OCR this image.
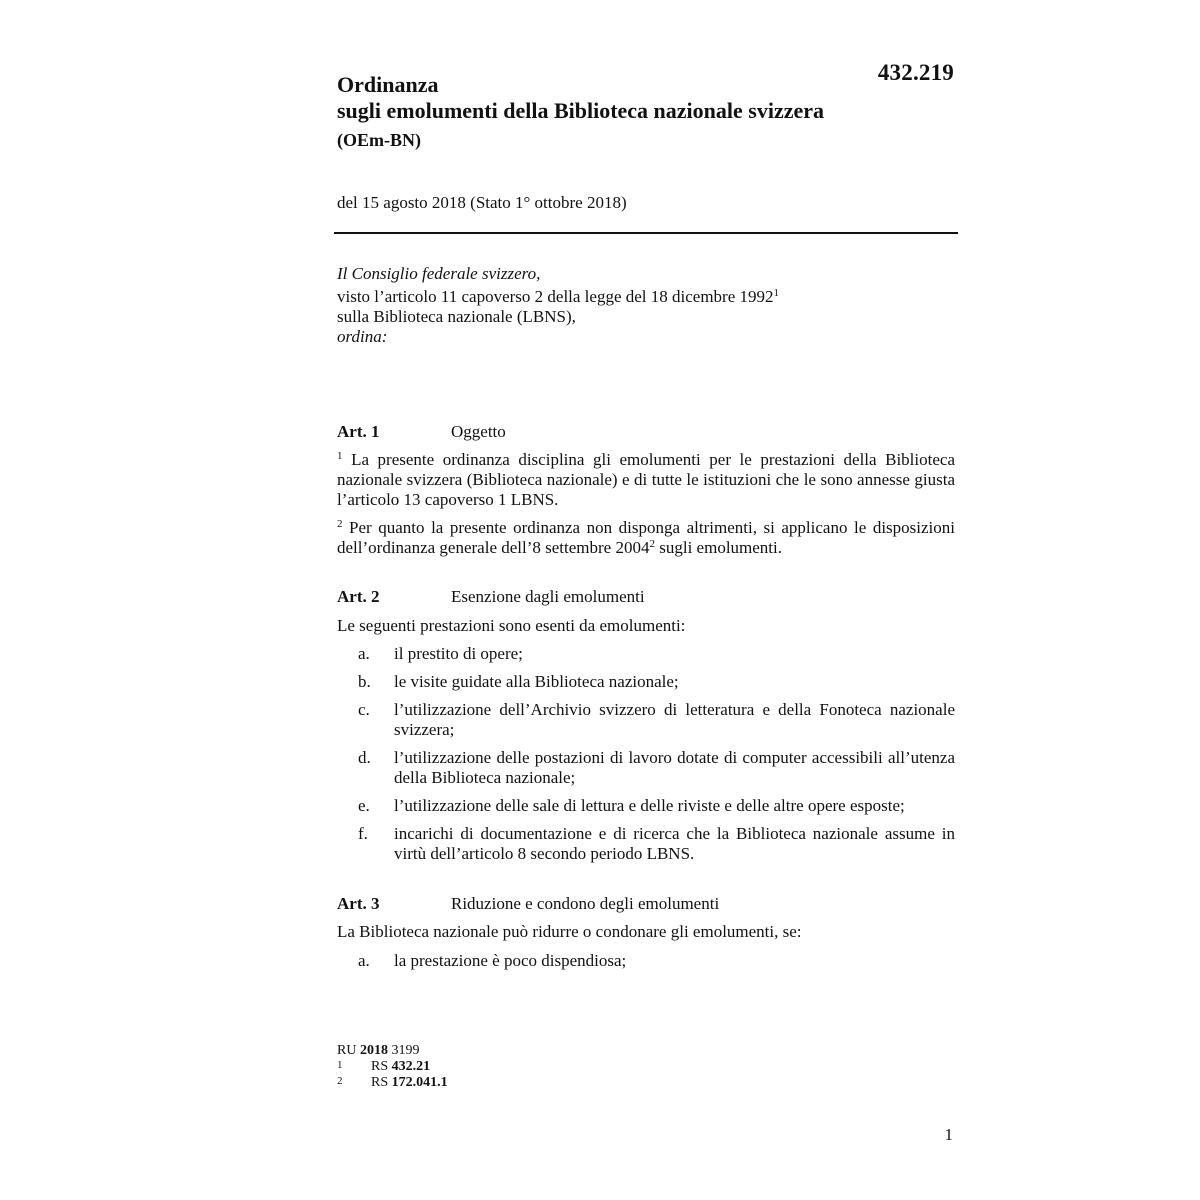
432.219
Ordinanza
sugli emolumenti della Biblioteca nazionale svizzera
(OEm-BN)
del 15 agosto 2018 (Stato 1° ottobre 2018)
Il Consiglio federale svizzero,
visto l’articolo 11 capoverso 2 della legge del 18 dicembre 1992$^1$
sulla Biblioteca nazionale (LBNS),
ordina:
Art. 1	Oggetto
$^1$ La presente ordinanza disciplina gli emolumenti per le prestazioni della Biblioteca nazionale svizzera (Biblioteca nazionale) e di tutte le istituzioni che le sono annesse giusta l’articolo 13 capoverso 1 LBNS.
$^2$ Per quanto la presente ordinanza non disponga altrimenti, si applicano le disposizioni dell’ordinanza generale dell’8 settembre 2004$^2$ sugli emolumenti.
Art. 2	Esenzione dagli emolumenti
Le seguenti prestazioni sono esenti da emolumenti:
a. il prestito di opere;
b. le visite guidate alla Biblioteca nazionale;
c. l’utilizzazione dell’Archivio svizzero di letteratura e della Fonoteca nazionale svizzera;
d. l’utilizzazione delle postazioni di lavoro dotate di computer accessibili all’utenza della Biblioteca nazionale;
e. l’utilizzazione delle sale di lettura e delle riviste e delle altre opere esposte;
f. incarichi di documentazione e di ricerca che la Biblioteca nazionale assume in virtù dell’articolo 8 secondo periodo LBNS.
Art. 3	Riduzione e condono degli emolumenti
La Biblioteca nazionale può ridurre o condonare gli emolumenti, se:
a. la prestazione è poco dispendiosa;
RU 2018 3199
1 RS 432.21
2 RS 172.041.1
1
